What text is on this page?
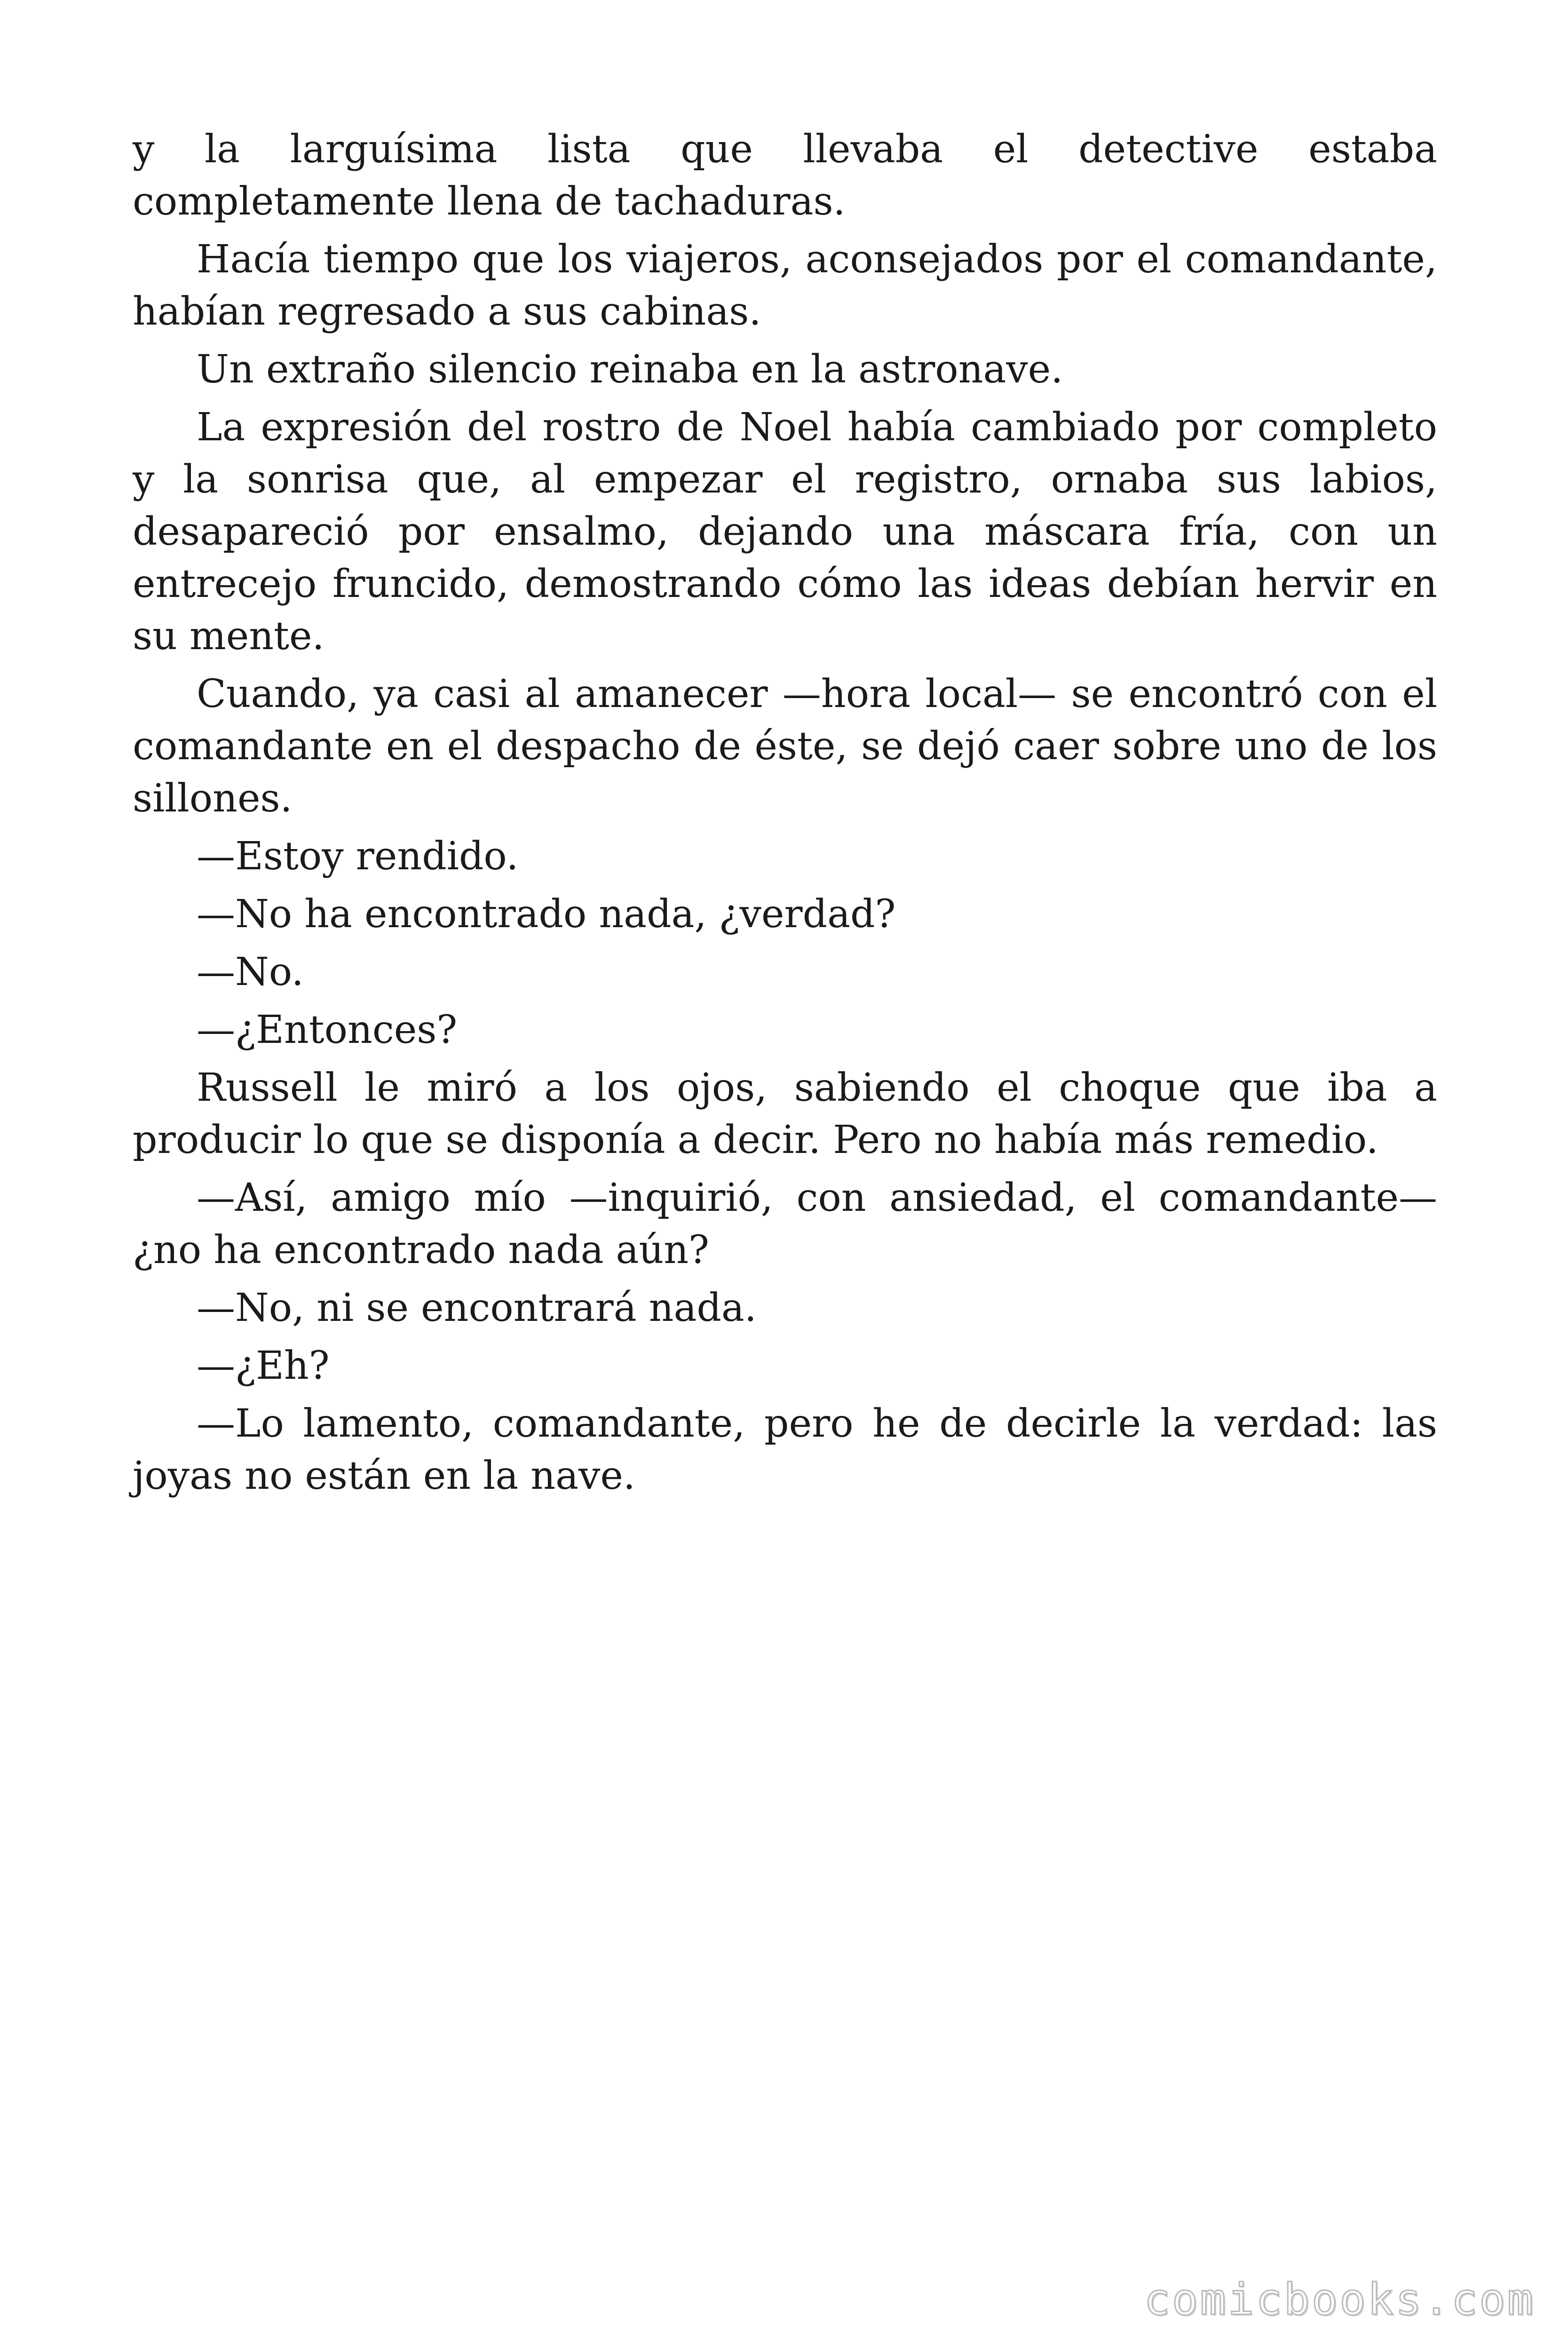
y la larguísima lista que llevaba el detective estaba completamente llena de tachaduras.

Hacía tiempo que los viajeros, aconsejados por el comandante, habían regresado a sus cabinas.

Un extraño silencio reinaba en la astronave.

La expresión del rostro de Noel había cambiado por completo y la sonrisa que, al empezar el registro, ornaba sus labios, desapareció por ensalmo, dejando una máscara fría, con un entrecejo fruncido, demostrando cómo las ideas debían hervir en su mente.

Cuando, ya casi al amanecer —hora local— se encontró con el comandante en el despacho de éste, se dejó caer sobre uno de los sillones.

—Estoy rendido.

—No ha encontrado nada, ¿verdad?

—No.

—¿Entonces?

Russell le miró a los ojos, sabiendo el choque que iba a producir lo que se disponía a decir. Pero no había más remedio.

—Así, amigo mío —inquirió, con ansiedad, el comandante— ¿no ha encontrado nada aún?

—No, ni se encontrará nada.

—¿Eh?

—Lo lamento, comandante, pero he de decirle la verdad: las joyas no están en la nave.

comicbooks.com
